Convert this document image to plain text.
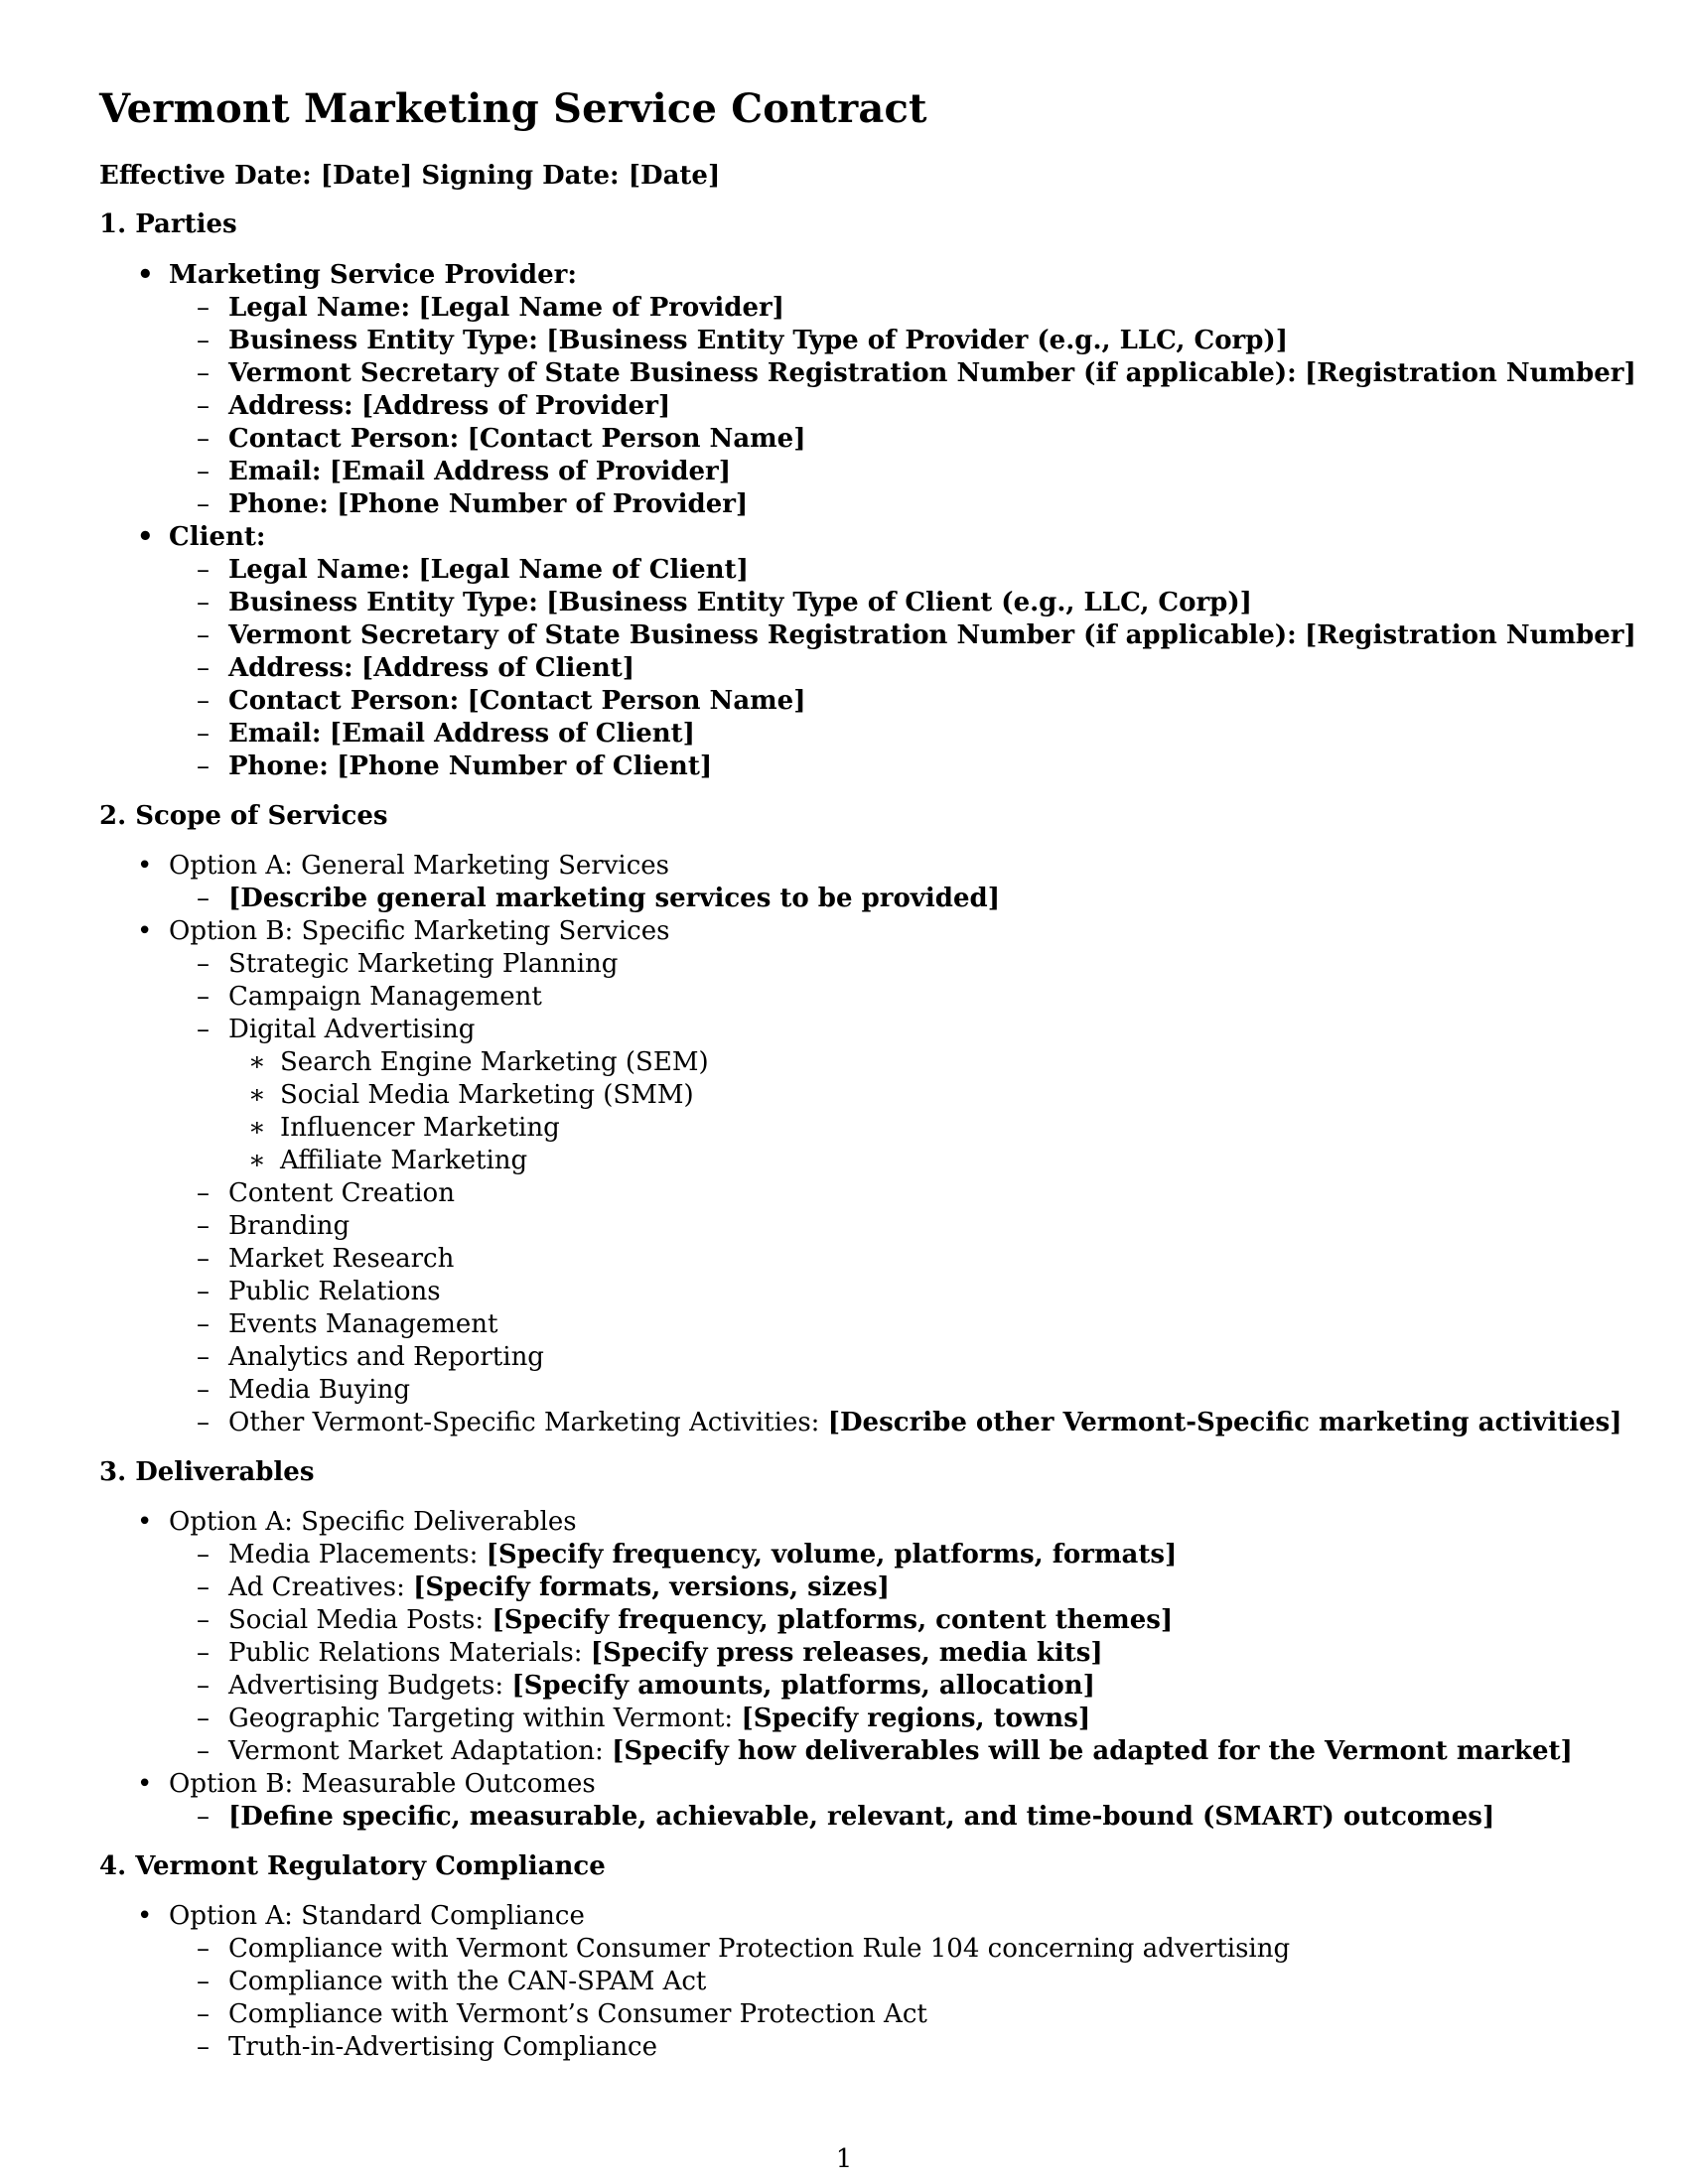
Vermont Marketing Service Contract
Effective Date: [Date] Signing Date: [Date]
1. Parties
• Marketing Service Provider:
– Legal Name: [Legal Name of Provider]
– Business Entity Type: [Business Entity Type of Provider (e.g., LLC, Corp)]
– Vermont Secretary of State Business Registration Number (if applicable): [Registration Number]
– Address: [Address of Provider]
– Contact Person: [Contact Person Name]
– Email: [Email Address of Provider]
– Phone: [Phone Number of Provider]
• Client:
– Legal Name: [Legal Name of Client]
– Business Entity Type: [Business Entity Type of Client (e.g., LLC, Corp)]
– Vermont Secretary of State Business Registration Number (if applicable): [Registration Number]
– Address: [Address of Client]
– Contact Person: [Contact Person Name]
– Email: [Email Address of Client]
– Phone: [Phone Number of Client]
2. Scope of Services
• Option A: General Marketing Services
– [Describe general marketing services to be provided]
• Option B: Specific Marketing Services
– Strategic Marketing Planning
– Campaign Management
– Digital Advertising
∗ Search Engine Marketing (SEM)
∗ Social Media Marketing (SMM)
∗ Influencer Marketing
∗ Affiliate Marketing
– Content Creation
– Branding
– Market Research
– Public Relations
– Events Management
– Analytics and Reporting
– Media Buying
– Other Vermont-Specific Marketing Activities: [Describe other Vermont-Specific marketing activities]
3. Deliverables
• Option A: Specific Deliverables
– Media Placements: [Specify frequency, volume, platforms, formats]
– Ad Creatives: [Specify formats, versions, sizes]
– Social Media Posts: [Specify frequency, platforms, content themes]
– Public Relations Materials: [Specify press releases, media kits]
– Advertising Budgets: [Specify amounts, platforms, allocation]
– Geographic Targeting within Vermont: [Specify regions, towns]
– Vermont Market Adaptation: [Specify how deliverables will be adapted for the Vermont market]
• Option B: Measurable Outcomes
– [Define specific, measurable, achievable, relevant, and time-bound (SMART) outcomes]
4. Vermont Regulatory Compliance
• Option A: Standard Compliance
– Compliance with Vermont Consumer Protection Rule 104 concerning advertising
– Compliance with the CAN-SPAM Act
– Compliance with Vermont’s Consumer Protection Act
– Truth-in-Advertising Compliance
1
